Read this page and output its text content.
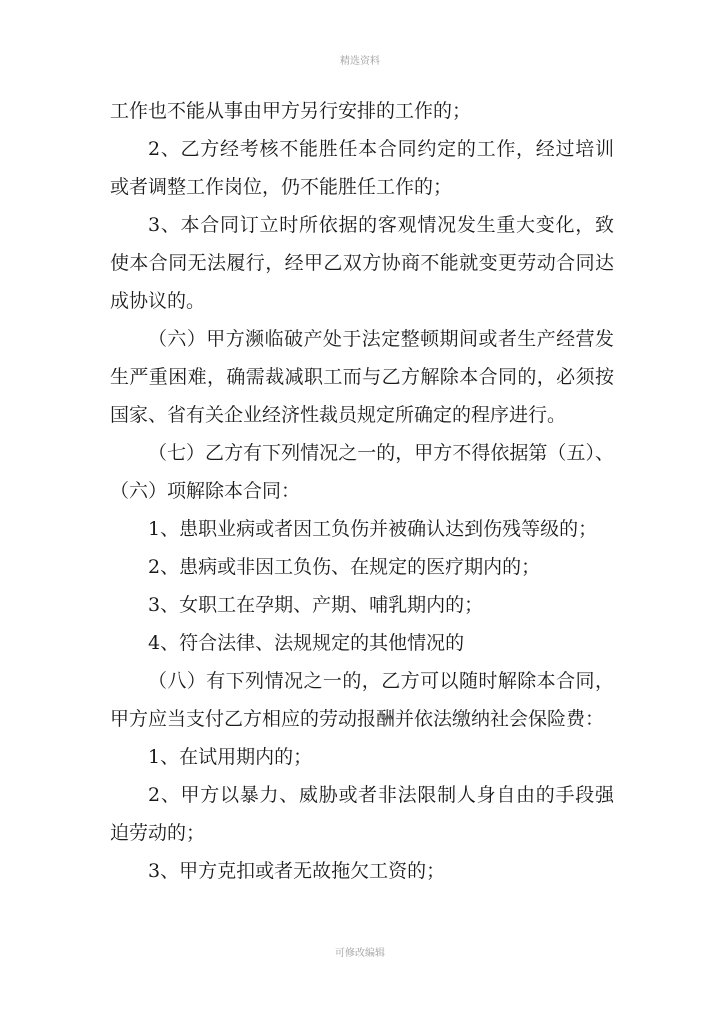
精选资料

工作也不能从事由甲方另行安排的工作的；

2、乙方经考核不能胜任本合同约定的工作，经过培训或者调整工作岗位，仍不能胜任工作的；

3、本合同订立时所依据的客观情况发生重大变化，致使本合同无法履行，经甲乙双方协商不能就变更劳动合同达成协议的。

（六）甲方濒临破产处于法定整顿期间或者生产经营发生严重困难，确需裁减职工而与乙方解除本合同的，必须按国家、省有关企业经济性裁员规定所确定的程序进行。

（七）乙方有下列情况之一的，甲方不得依据第（五）、（六）项解除本合同：

1、患职业病或者因工负伤并被确认达到伤残等级的；

2、患病或非因工负伤、在规定的医疗期内的；

3、女职工在孕期、产期、哺乳期内的；

4、符合法律、法规规定的其他情况的

（八）有下列情况之一的，乙方可以随时解除本合同，甲方应当支付乙方相应的劳动报酬并依法缴纳社会保险费：

1、在试用期内的；

2、甲方以暴力、威胁或者非法限制人身自由的手段强迫劳动的；

3、甲方克扣或者无故拖欠工资的；

可修改编辑
